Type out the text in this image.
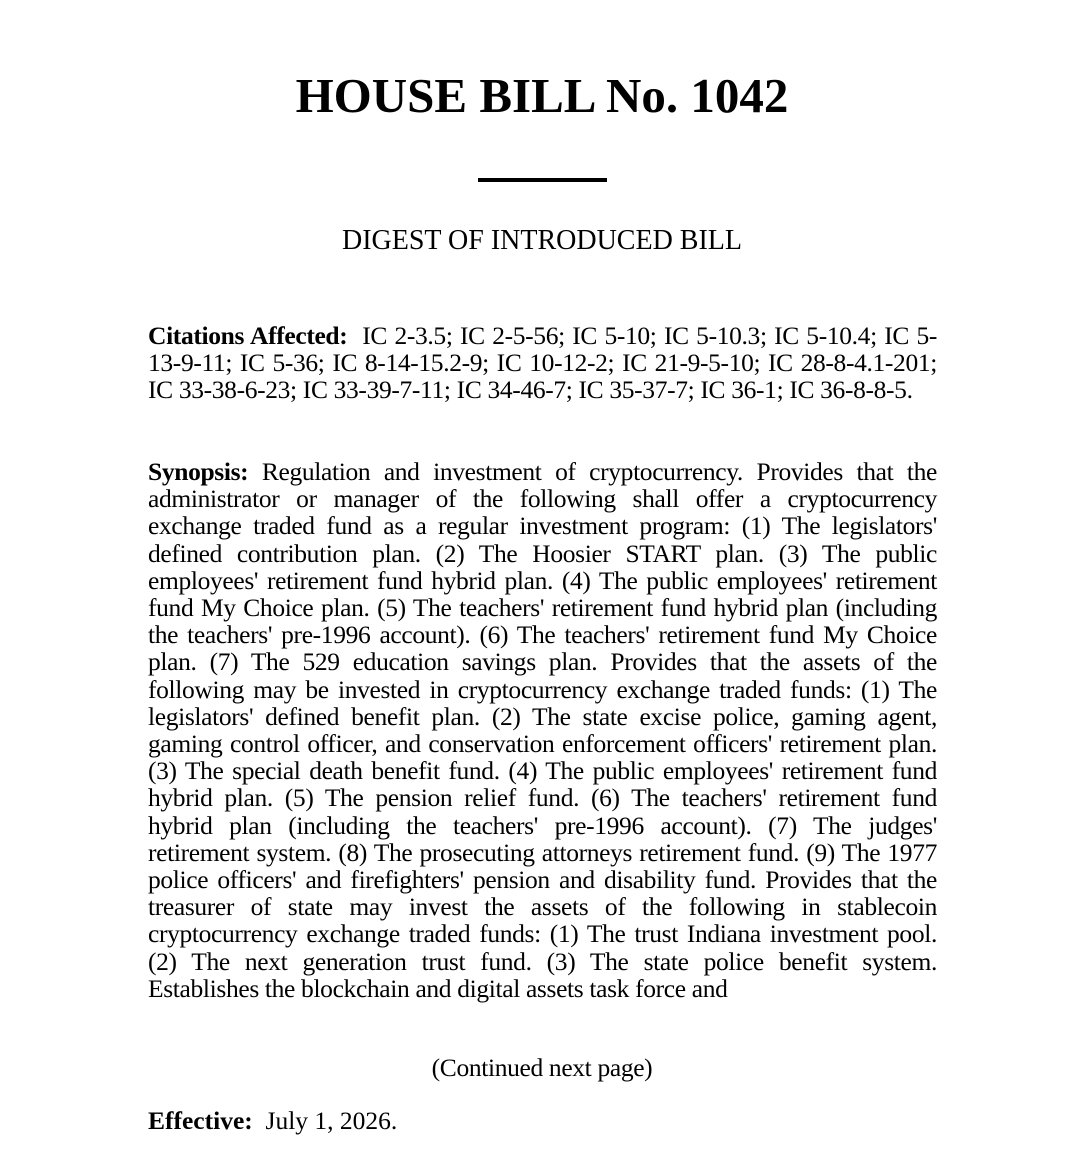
HOUSE BILL No. 1042
DIGEST OF INTRODUCED BILL
Citations Affected: IC 2-3.5; IC 2-5-56; IC 5-10; IC 5-10.3; IC 5-10.4; IC 5-13-9-11; IC 5-36; IC 8-14-15.2-9; IC 10-12-2; IC 21-9-5-10; IC 28-8-4.1-201; IC 33-38-6-23; IC 33-39-7-11; IC 34-46-7; IC 35-37-7; IC 36-1; IC 36-8-8-5.
Synopsis: Regulation and investment of cryptocurrency. Provides that the administrator or manager of the following shall offer a cryptocurrency exchange traded fund as a regular investment program: (1) The legislators' defined contribution plan. (2) The Hoosier START plan. (3) The public employees' retirement fund hybrid plan. (4) The public employees' retirement fund My Choice plan. (5) The teachers' retirement fund hybrid plan (including the teachers' pre-1996 account). (6) The teachers' retirement fund My Choice plan. (7) The 529 education savings plan. Provides that the assets of the following may be invested in cryptocurrency exchange traded funds: (1) The legislators' defined benefit plan. (2) The state excise police, gaming agent, gaming control officer, and conservation enforcement officers' retirement plan. (3) The special death benefit fund. (4) The public employees' retirement fund hybrid plan. (5) The pension relief fund. (6) The teachers' retirement fund hybrid plan (including the teachers' pre-1996 account). (7) The judges' retirement system. (8) The prosecuting attorneys retirement fund. (9) The 1977 police officers' and firefighters' pension and disability fund. Provides that the treasurer of state may invest the assets of the following in stablecoin cryptocurrency exchange traded funds: (1) The trust Indiana investment pool. (2) The next generation trust fund. (3) The state police benefit system. Establishes the blockchain and digital assets task force and
(Continued next page)
Effective: July 1, 2026.
